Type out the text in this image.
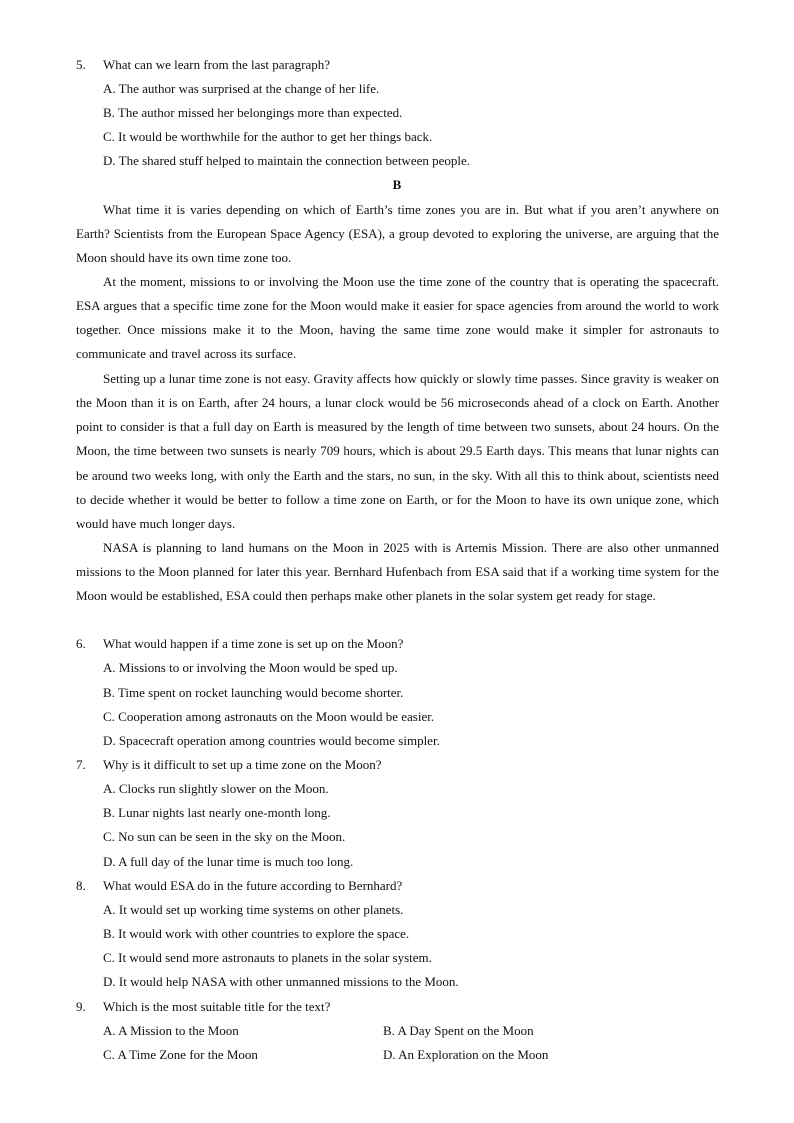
5. What can we learn from the last paragraph?
A. The author was surprised at the change of her life.
B. The author missed her belongings more than expected.
C. It would be worthwhile for the author to get her things back.
D. The shared stuff helped to maintain the connection between people.
B

What time it is varies depending on which of Earth’s time zones you are in. But what if you aren’t anywhere on Earth? Scientists from the European Space Agency (ESA), a group devoted to exploring the universe, are arguing that the Moon should have its own time zone too.

At the moment, missions to or involving the Moon use the time zone of the country that is operating the spacecraft. ESA argues that a specific time zone for the Moon would make it easier for space agencies from around the world to work together. Once missions make it to the Moon, having the same time zone would make it simpler for astronauts to communicate and travel across its surface.

Setting up a lunar time zone is not easy. Gravity affects how quickly or slowly time passes. Since gravity is weaker on the Moon than it is on Earth, after 24 hours, a lunar clock would be 56 microseconds ahead of a clock on Earth. Another point to consider is that a full day on Earth is measured by the length of time between two sunsets, about 24 hours. On the Moon, the time between two sunsets is nearly 709 hours, which is about 29.5 Earth days. This means that lunar nights can be around two weeks long, with only the Earth and the stars, no sun, in the sky. With all this to think about, scientists need to decide whether it would be better to follow a time zone on Earth, or for the Moon to have its own unique zone, which would have much longer days.

NASA is planning to land humans on the Moon in 2025 with is Artemis Mission. There are also other unmanned missions to the Moon planned for later this year. Bernhard Hufenbach from ESA said that if a working time system for the Moon would be established, ESA could then perhaps make other planets in the solar system get ready for stage.

6. What would happen if a time zone is set up on the Moon?
A. Missions to or involving the Moon would be sped up.
B. Time spent on rocket launching would become shorter.
C. Cooperation among astronauts on the Moon would be easier.
D. Spacecraft operation among countries would become simpler.
7. Why is it difficult to set up a time zone on the Moon?
A. Clocks run slightly slower on the Moon.
B. Lunar nights last nearly one-month long.
C. No sun can be seen in the sky on the Moon.
D. A full day of the lunar time is much too long.
8. What would ESA do in the future according to Bernhard?
A. It would set up working time systems on other planets.
B. It would work with other countries to explore the space.
C. It would send more astronauts to planets in the solar system.
D. It would help NASA with other unmanned missions to the Moon.
9. Which is the most suitable title for the text?
A. A Mission to the Moon	B. A Day Spent on the Moon
C. A Time Zone for the Moon	D. An Exploration on the Moon
